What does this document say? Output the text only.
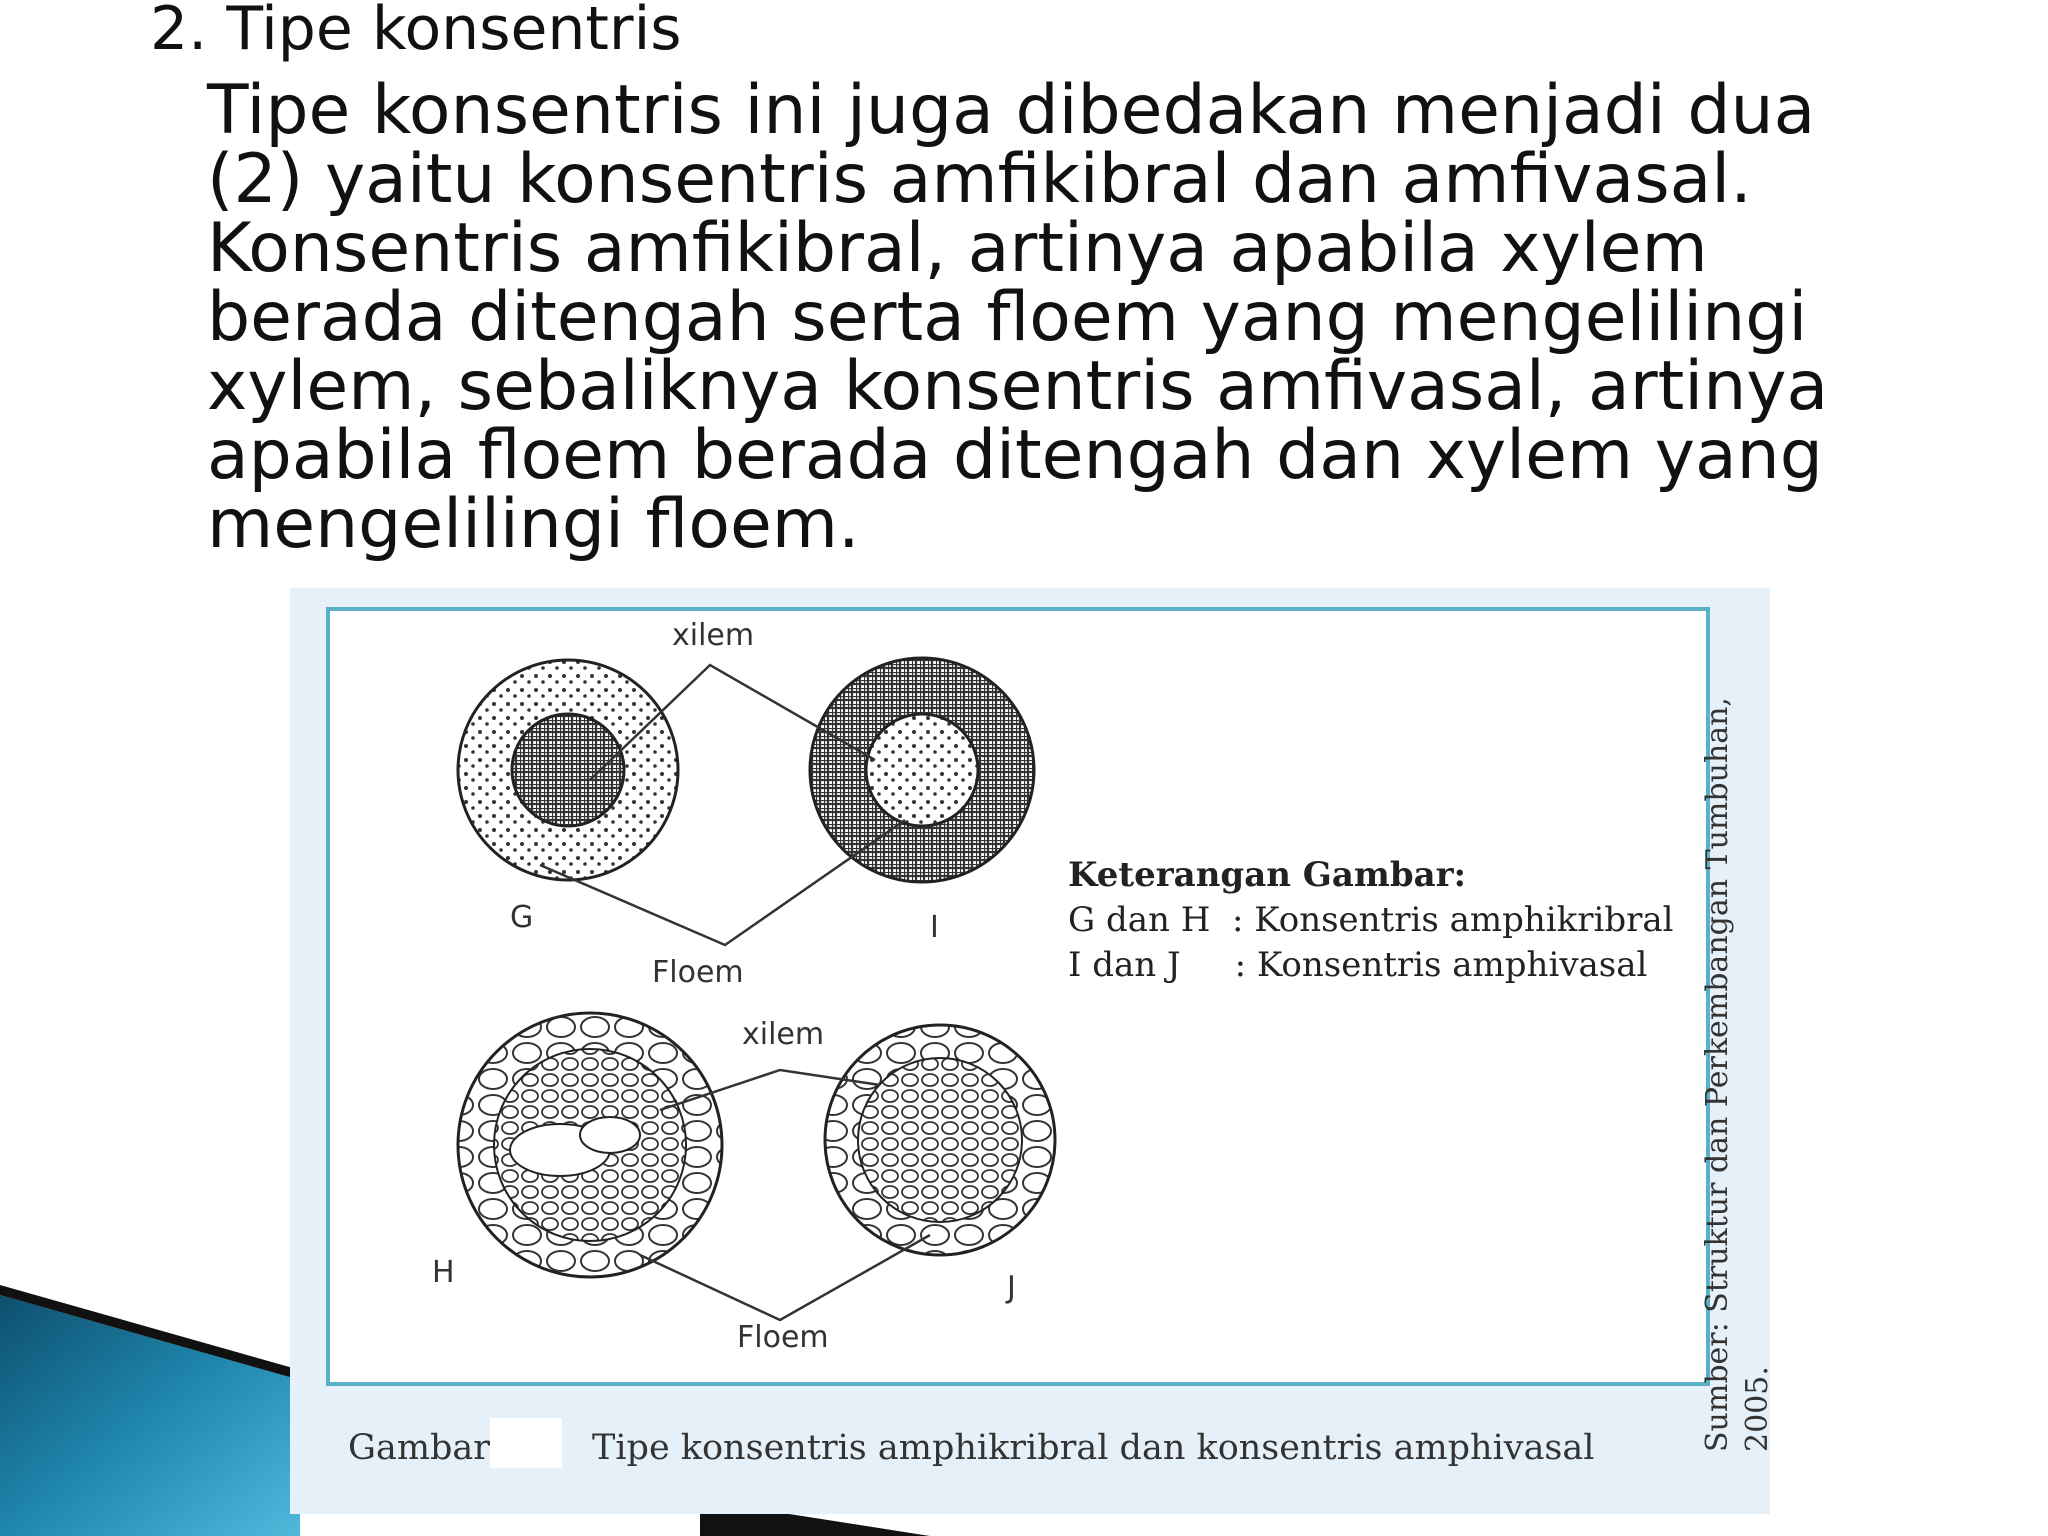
2. Tipe konsentris
Tipe konsentris ini juga dibedakan menjadi dua
(2) yaitu konsentris amfikibral dan amfivasal.
Konsentris amfikibral, artinya apabila xylem
berada ditengah serta floem yang mengelilingi
xylem, sebaliknya konsentris amfivasal, artinya
apabila floem berada ditengah dan xylem yang
mengelilingi floem.
xilem
Floem
G	I
xilem
Floem
H	J
Keterangan Gambar:
G dan H  : Konsentris amphikribral
I dan J     : Konsentris amphivasal
Gambar	Tipe konsentris amphikribral dan konsentris amphivasal	Sumber: Struktur dan Perkembangan Tumbuhan, 2005.
